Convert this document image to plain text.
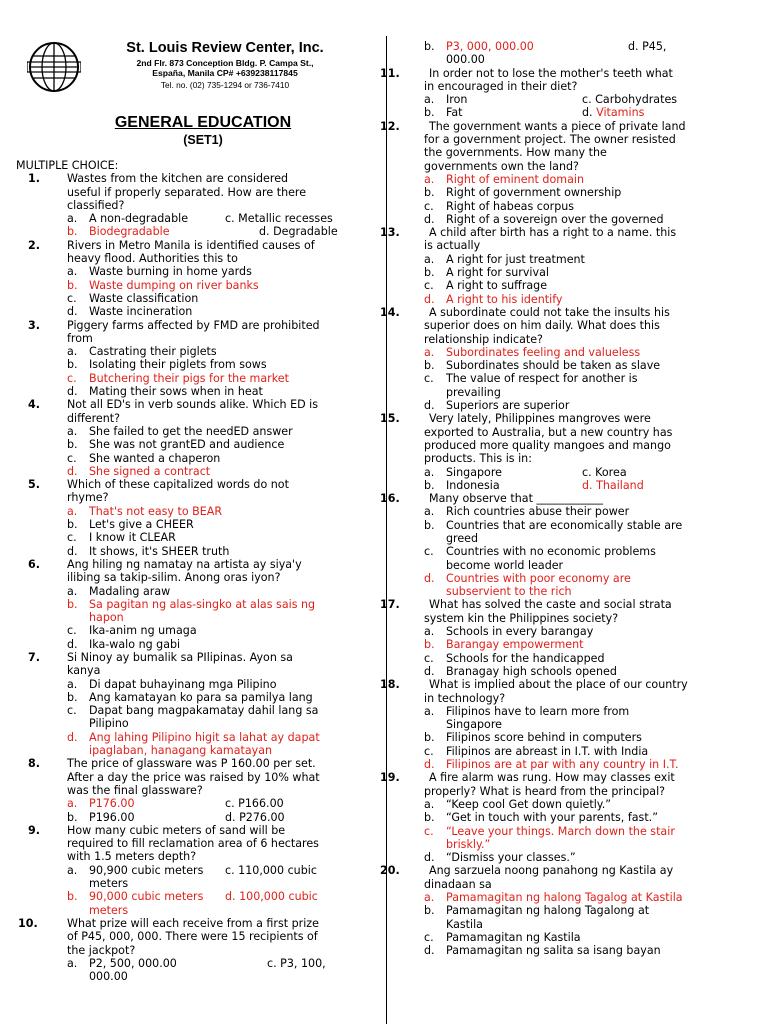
St. Louis Review Center, Inc.
2nd Flr. 873 Conception Bldg. P. Campa St.,
España, Manila CP# +639238117845
Tel. no. (02) 735-1294 or 736-7410
GENERAL EDUCATION
(SET1)
MULTIPLE CHOICE:
1. Wastes from the kitchen are considered
useful if properly separated. How are there
classified?
a. A non-degradable	c. Metallic recesses
b. Biodegradable	d. Degradable
2. Rivers in Metro Manila is identified causes of
heavy flood. Authorities this to
a. Waste burning in home yards
b. Waste dumping on river banks
c. Waste classification
d. Waste incineration
3. Piggery farms affected by FMD are prohibited
from
a. Castrating their piglets
b. Isolating their piglets from sows
c. Butchering their pigs for the market
d. Mating their sows when in heat
4. Not all ED's in verb sounds alike. Which ED is
different?
a. She failed to get the needED answer
b. She was not grantED and audience
c. She wanted a chaperon
d. She signed a contract
5. Which of these capitalized words do not
rhyme?
a. That's not easy to BEAR
b. Let's give a CHEER
c. I know it CLEAR
d. It shows, it's SHEER truth
6. Ang hiling ng namatay na artista ay siya'y
ilibing sa takip-silim. Anong oras iyon?
a. Madaling araw
b. Sa pagitan ng alas-singko at alas sais ng
hapon
c. Ika-anim ng umaga
d. Ika-walo ng gabi
7. Si Ninoy ay bumalik sa PIlipinas. Ayon sa
kanya
a. Di dapat buhayinang mga Pilipino
b. Ang kamatayan ko para sa pamilya lang
c. Dapat bang magpakamatay dahil lang sa
Pilipino
d. Ang lahing Pilipino higit sa lahat ay dapat
ipaglaban, hanagang kamatayan
8. The price of glassware was P 160.00 per set.
After a day the price was raised by 10% what
was the final glassware?
a. P176.00	c. P166.00
b. P196.00	d. P276.00
9. How many cubic meters of sand will be
required to fill reclamation area of 6 hectares
with 1.5 meters depth?
a. 90,900 cubic meters	c. 110,000 cubic
meters
b. 90,000 cubic meters	d. 100,000 cubic
meters
10.	What prize will each receive from a first prize
of P45, 000, 000. There were 15 recipients of
the jackpot?
a. P2, 500, 000.00	c. P3, 100,
000.00
b. P3, 000, 000.00	d. P45,
000.00
11.	In order not to lose the mother's teeth what
in encouraged in their diet?
a. Iron	c. Carbohydrates
b. Fat	d. Vitamins
12.	The government wants a piece of private land
for a government project. The owner resisted
the governments. How many the
governments own the land?
a. Right of eminent domain
b. Right of government ownership
c. Right of habeas corpus
d. Right of a sovereign over the governed
13.	A child after birth has a right to a name. this
is actually
a. A right for just treatment
b. A right for survival
c. A right to suffrage
d. A right to his identify
14.	A subordinate could not take the insults his
superior does on him daily. What does this
relationship indicate?
a. Subordinates feeling and valueless
b. Subordinates should be taken as slave
c. The value of respect for another is
prevailing
d. Superiors are superior
15.	Very lately, Philippines mangroves were
exported to Australia, but a new country has
produced more quality mangoes and mango
products. This is in:
a. Singapore	c. Korea
b. Indonesia	d. Thailand
16.	Many observe that ____________
a. Rich countries abuse their power
b. Countries that are economically stable are
greed
c. Countries with no economic problems
become world leader
d. Countries with poor economy are
subservient to the rich
17.	What has solved the caste and social strata
system kin the Philippines society?
a. Schools in every barangay
b. Barangay empowerment
c. Schools for the handicapped
d. Branagay high schools opened
18.	What is implied about the place of our country
in technology?
a. Filipinos have to learn more from
Singapore
b. Filipinos score behind in computers
c. Filipinos are abreast in I.T. with India
d. Filipinos are at par with any country in I.T.
19.	A fire alarm was rung. How may classes exit
properly? What is heard from the principal?
a. “Keep cool Get down quietly.”
b. “Get in touch with your parents, fast.”
c. “Leave your things. March down the stair
briskly.”
d. “Dismiss your classes.”
20.	Ang sarzuela noong panahong ng Kastila ay
dinadaan sa
a. Pamamagitan ng halong Tagalog at Kastila
b. Pamamagitan ng halong Tagalong at
Kastila
c. Pamamagitan ng Kastila
d. Pamamagitan ng salita sa isang bayan
